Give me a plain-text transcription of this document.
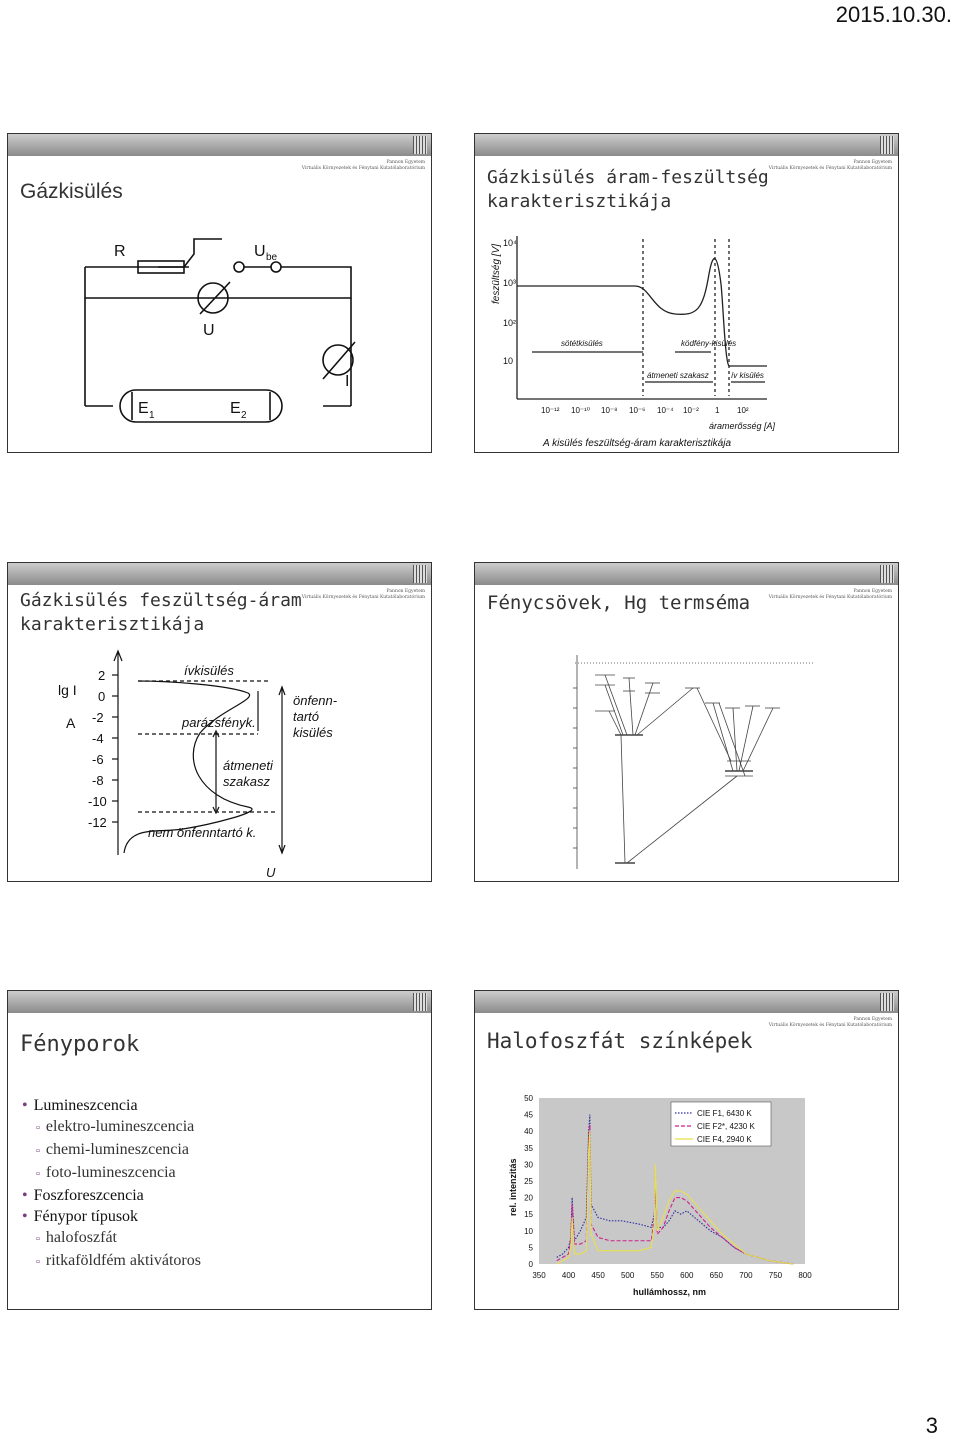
2015.10.30.
Gázkisülés
Pannon Egyetem
Virtuális Környezetek és Fénytani Kutatólaboratórium
R
U
U be
I
E 1	E 2
Gázkisülés áram-feszültség
karakterisztikája
Pannon Egyetem
Virtuális Környezetek és Fénytani Kutatólaboratórium
feszültség [V]
10⁴
10³
10²
10
10⁻¹² 10⁻¹⁰ 10⁻⁸ 10⁻⁶ 10⁻⁴ 10⁻² 1 10²
áramerősség [A]
sötétkisülés	ködfény-kisülés
átmeneti szakasz	ív kisülés
A kisülés feszültség-áram karakterisztikája
Gázkisülés feszültség-áram
karakterisztikája
Pannon Egyetem
Virtuális Környezetek és Fénytani Kutatólaboratórium
lg I
A
2
0
-2
-4
-6
-8
-10
-12
ívkisülés
parázsfényk.
átmeneti
szakasz
önfenn-
tartó
kisülés
nem önfenntartó k.
U
Fénycsövek, Hg termséma
Pannon Egyetem
Virtuális Környezetek és Fénytani Kutatólaboratórium
Fényporok
• Lumineszcencia
▫ elektro-lumineszcencia
▫ chemi-lumineszcencia
▫ foto-lumineszcencia
• Foszforeszcencia
• Fénypor típusok
▫ halofoszfát
▫ ritkaföldfém aktivátoros
Halofoszfát színképek
Pannon Egyetem
Virtuális Környezetek és Fénytani Kutatólaboratórium
0
5
10
15
20
25
30
35
40
45
50
350 400 450 500 550 600 650 700 750 800
rel. intenzitás
hullámhossz, nm
CIE F1, 6430 K
CIE F2*, 4230 K
CIE F4, 2940 K
3
